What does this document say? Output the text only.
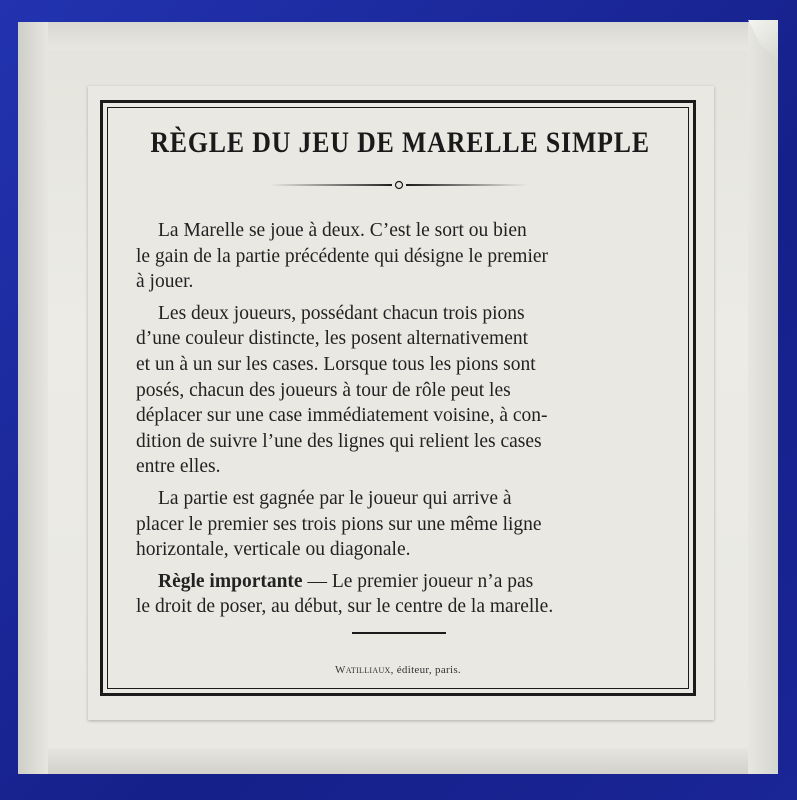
RÈGLE DU JEU DE MARELLE SIMPLE
La Marelle se joue à deux. C’est le sort ou bien
le gain de la partie précédente qui désigne le premier
à jouer.
Les deux joueurs, possédant chacun trois pions
d’une couleur distincte, les posent alternativement
et un à un sur les cases. Lorsque tous les pions sont
posés, chacun des joueurs à tour de rôle peut les
déplacer sur une case immédiatement voisine, à con-
dition de suivre l’une des lignes qui relient les cases
entre elles.
La partie est gagnée par le joueur qui arrive à
placer le premier ses trois pions sur une même ligne
horizontale, verticale ou diagonale.
Règle importante — Le premier joueur n’a pas
le droit de poser, au début, sur le centre de la marelle.
Watilliaux, éditeur, paris.
